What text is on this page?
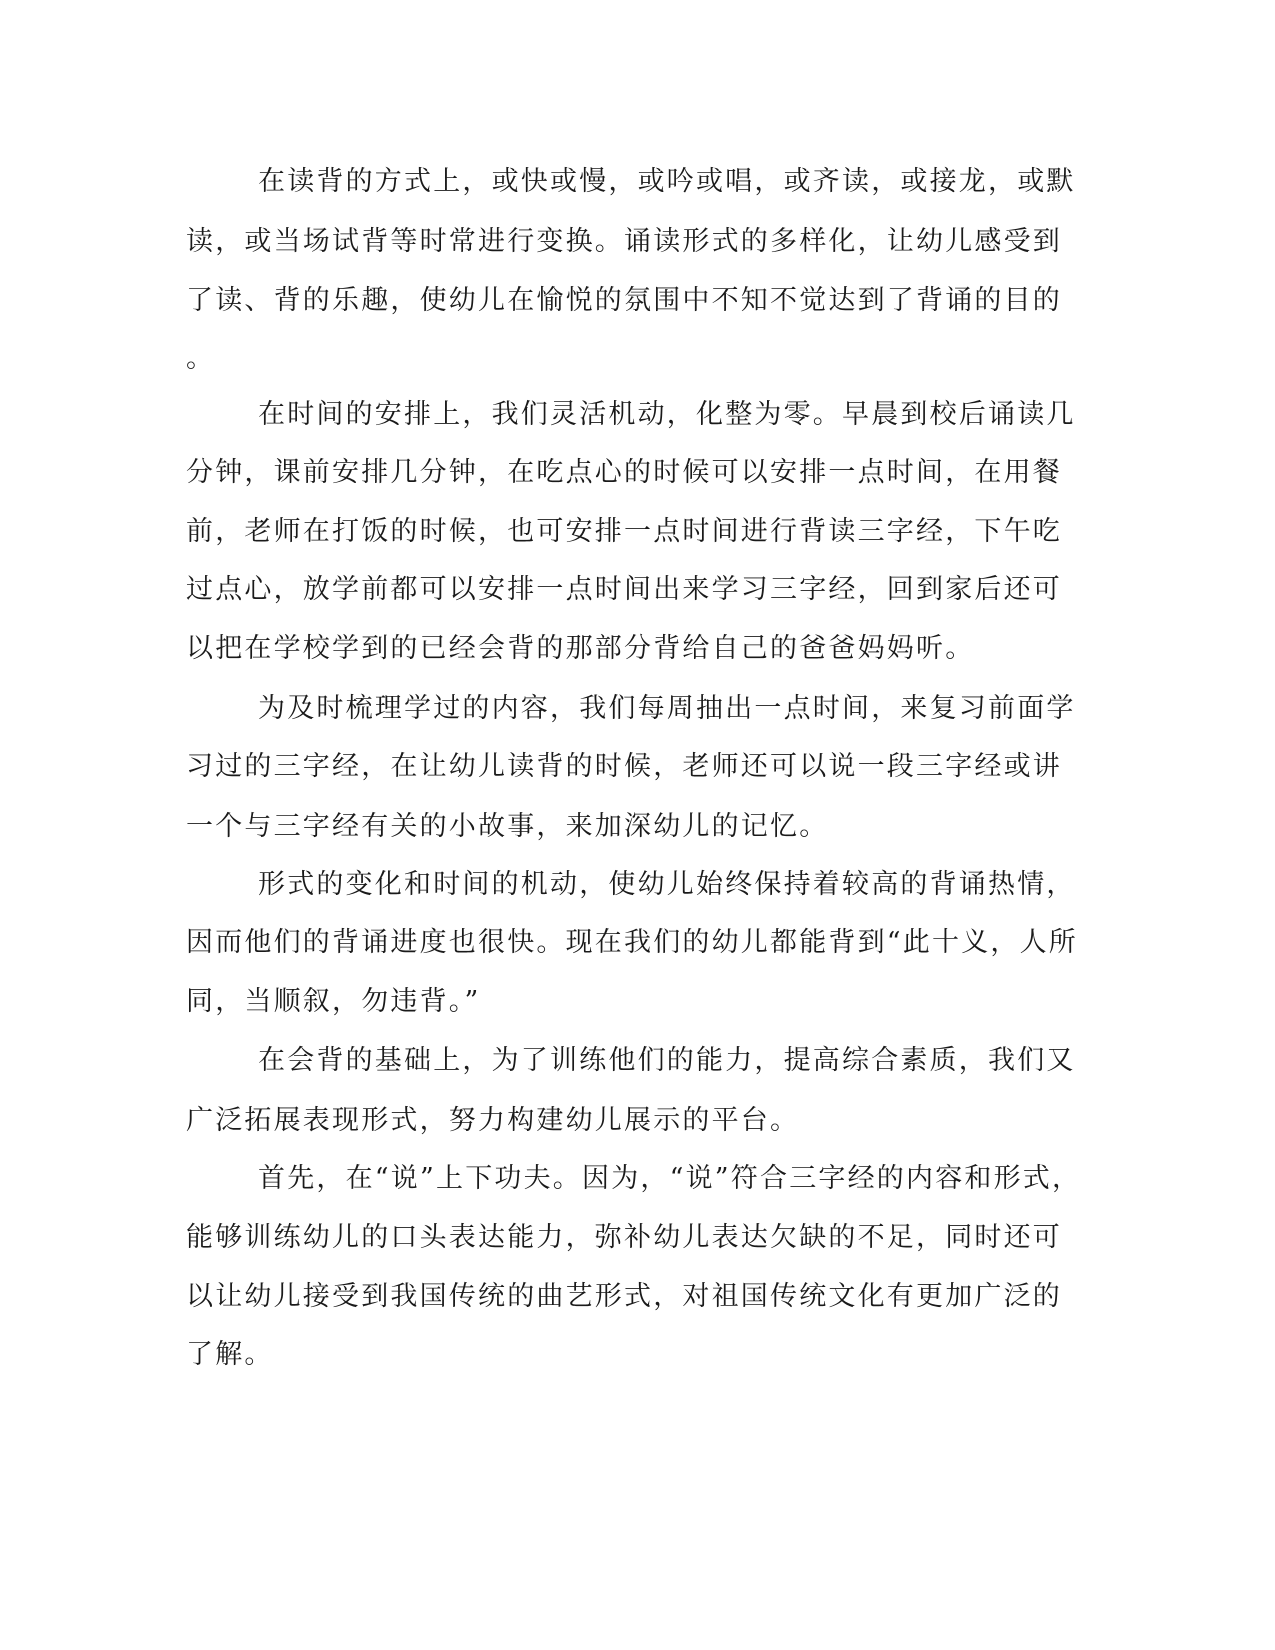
在读背的方式上，或快或慢，或吟或唱，或齐读，或接龙，或默

读，或当场试背等时常进行变换。诵读形式的多样化，让幼儿感受到

了读、背的乐趣，使幼儿在愉悦的氛围中不知不觉达到了背诵的目的

。

在时间的安排上，我们灵活机动，化整为零。早晨到校后诵读几

分钟，课前安排几分钟，在吃点心的时候可以安排一点时间，在用餐

前，老师在打饭的时候，也可安排一点时间进行背读三字经，下午吃

过点心，放学前都可以安排一点时间出来学习三字经，回到家后还可

以把在学校学到的已经会背的那部分背给自己的爸爸妈妈听。

为及时梳理学过的内容，我们每周抽出一点时间，来复习前面学

习过的三字经，在让幼儿读背的时候，老师还可以说一段三字经或讲

一个与三字经有关的小故事，来加深幼儿的记忆。

形式的变化和时间的机动，使幼儿始终保持着较高的背诵热情，

因而他们的背诵进度也很快。现在我们的幼儿都能背到“此十义，人所

同，当顺叙，勿违背。”

在会背的基础上，为了训练他们的能力，提高综合素质，我们又

广泛拓展表现形式，努力构建幼儿展示的平台。

首先，在“说”上下功夫。因为，“说”符合三字经的内容和形式，

能够训练幼儿的口头表达能力，弥补幼儿表达欠缺的不足，同时还可

以让幼儿接受到我国传统的曲艺形式，对祖国传统文化有更加广泛的

了解。
